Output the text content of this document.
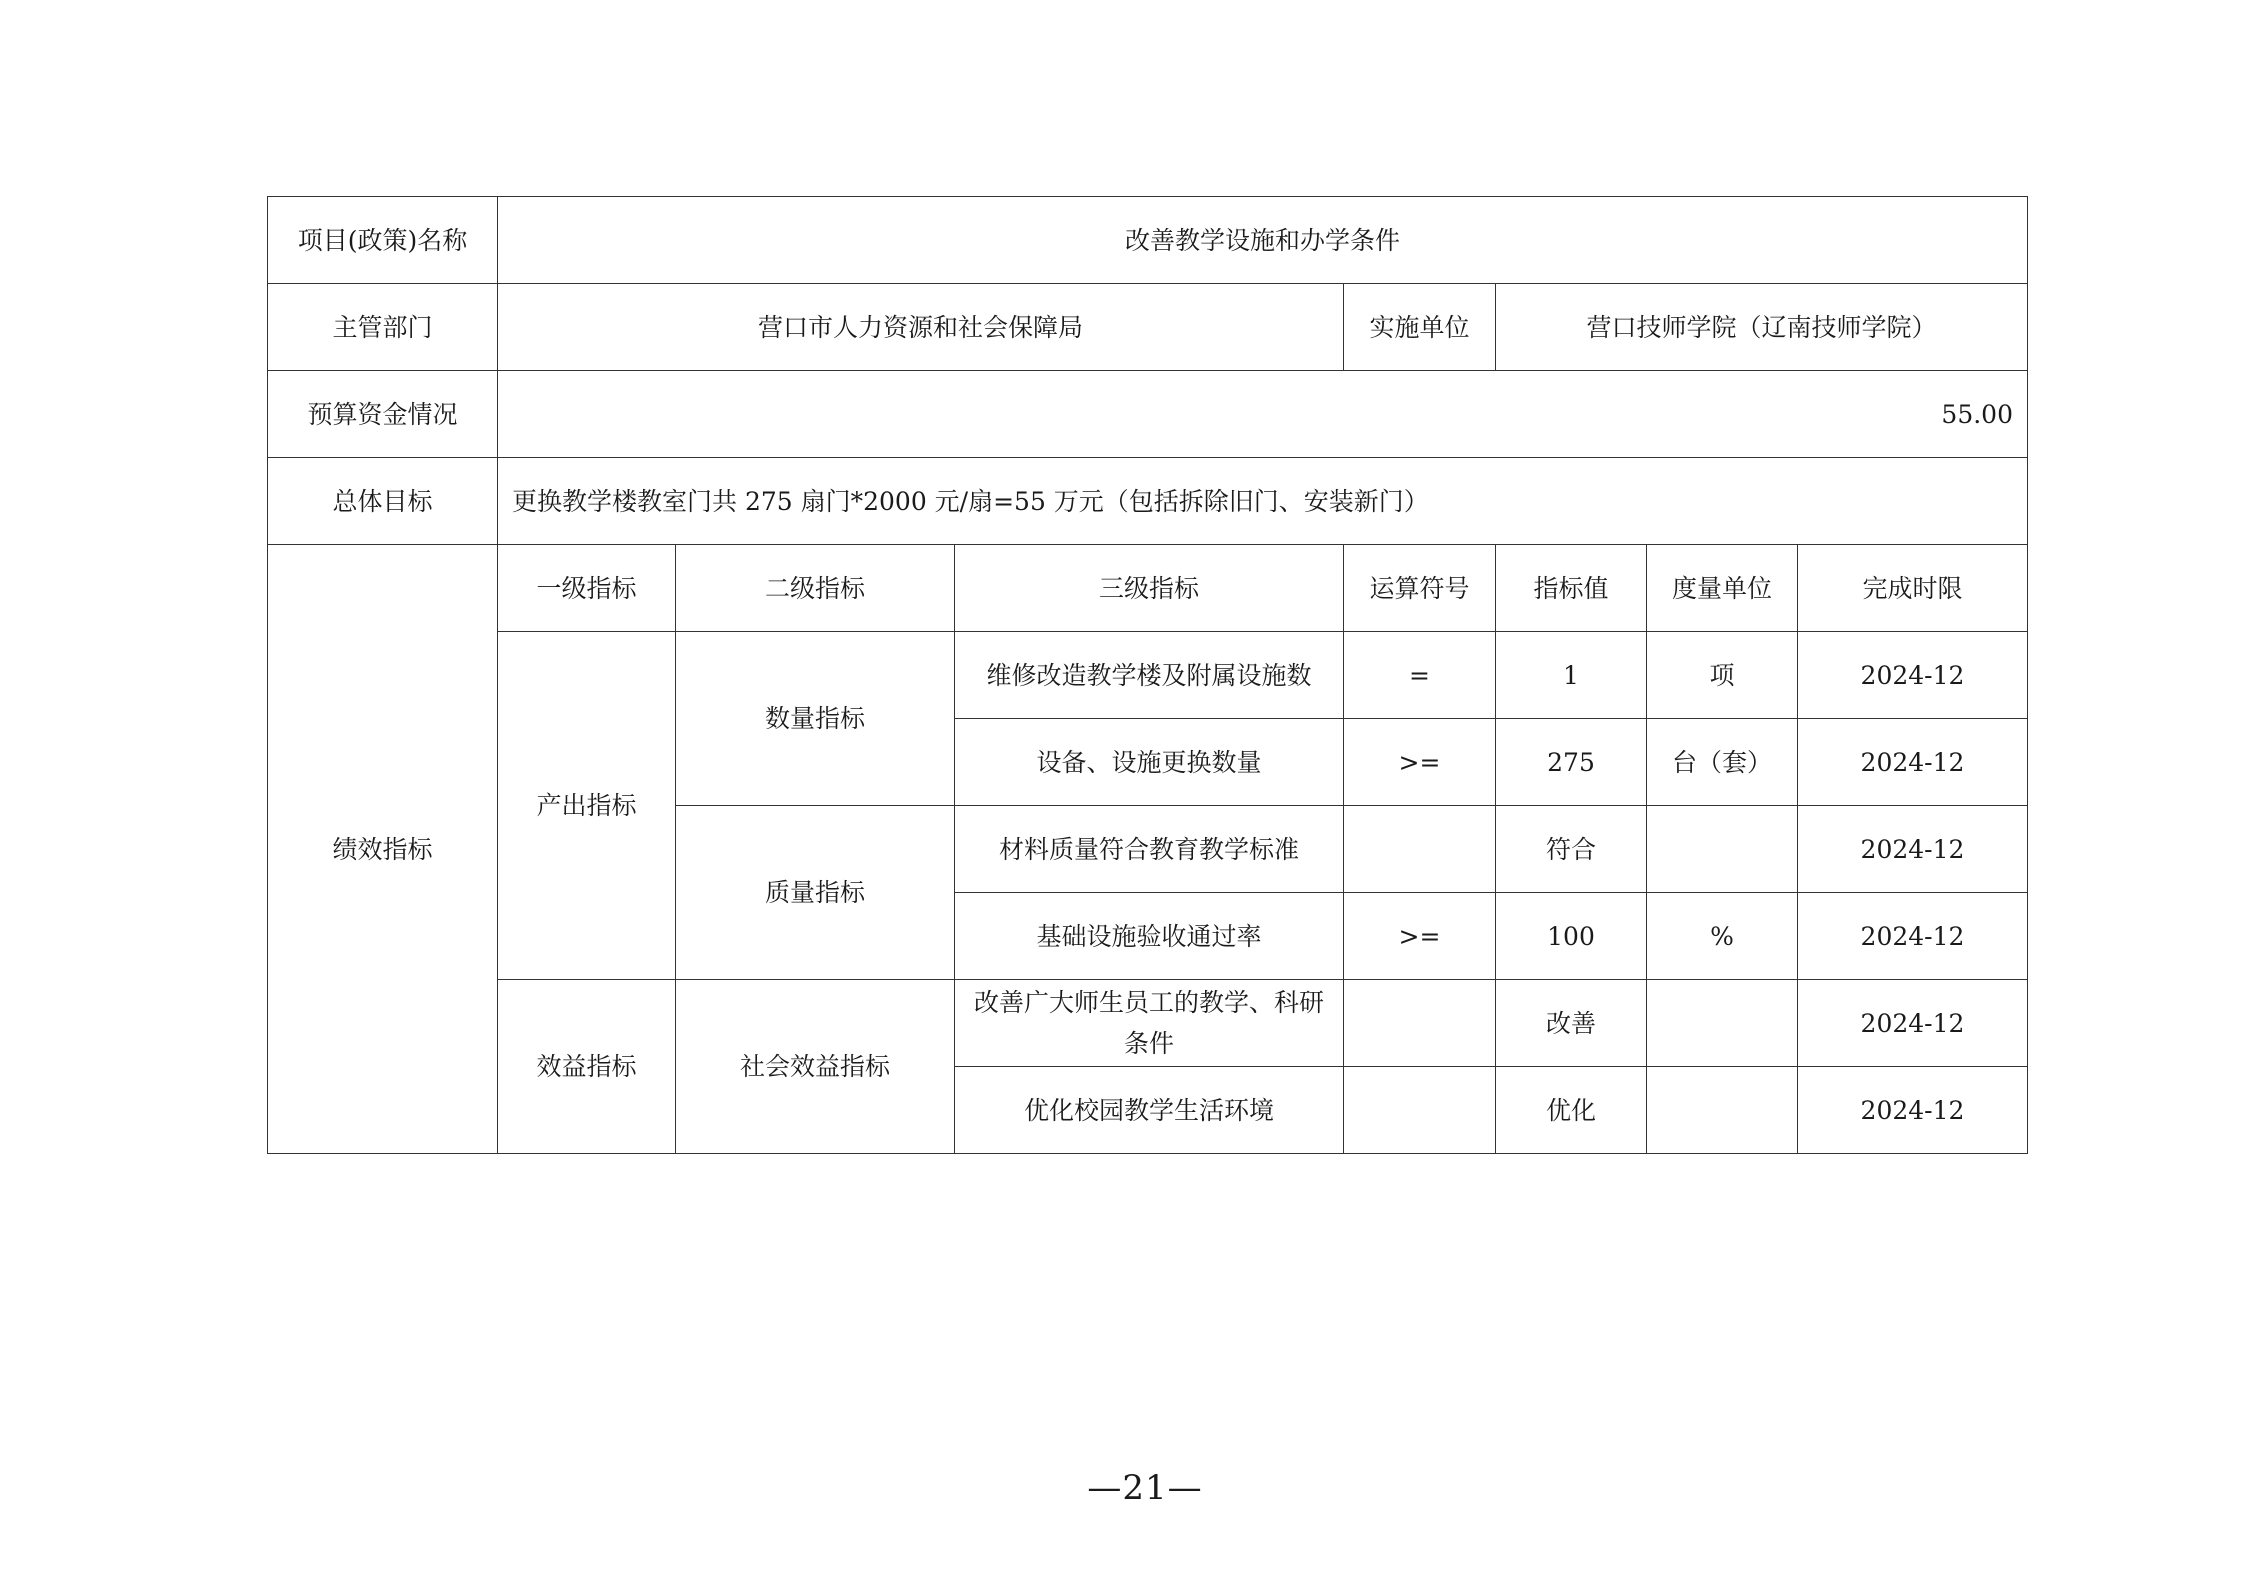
项目(政策)名称	改善教学设施和办学条件						
主管部门	营口市人力资源和社会保障局			实施单位	营口技师学院（辽南技师学院）		
预算资金情况	55.00						
总体目标	更换教学楼教室门共 275 扇门*2000 元/扇=55 万元（包括拆除旧门、安装新门）						
绩效指标	一级指标	二级指标	三级指标	运算符号	指标值	度量单位	完成时限
	产出指标	数量指标	维修改造教学楼及附属设施数	=	1	项	2024-12
			设备、设施更换数量	>=	275	台（套）	2024-12
		质量指标	材料质量符合教育教学标准		符合		2024-12
			基础设施验收通过率	>=	100	%	2024-12
	效益指标	社会效益指标	改善广大师生员工的教学、科研条件		改善		2024-12
			优化校园教学生活环境		优化		2024-12
—21—
